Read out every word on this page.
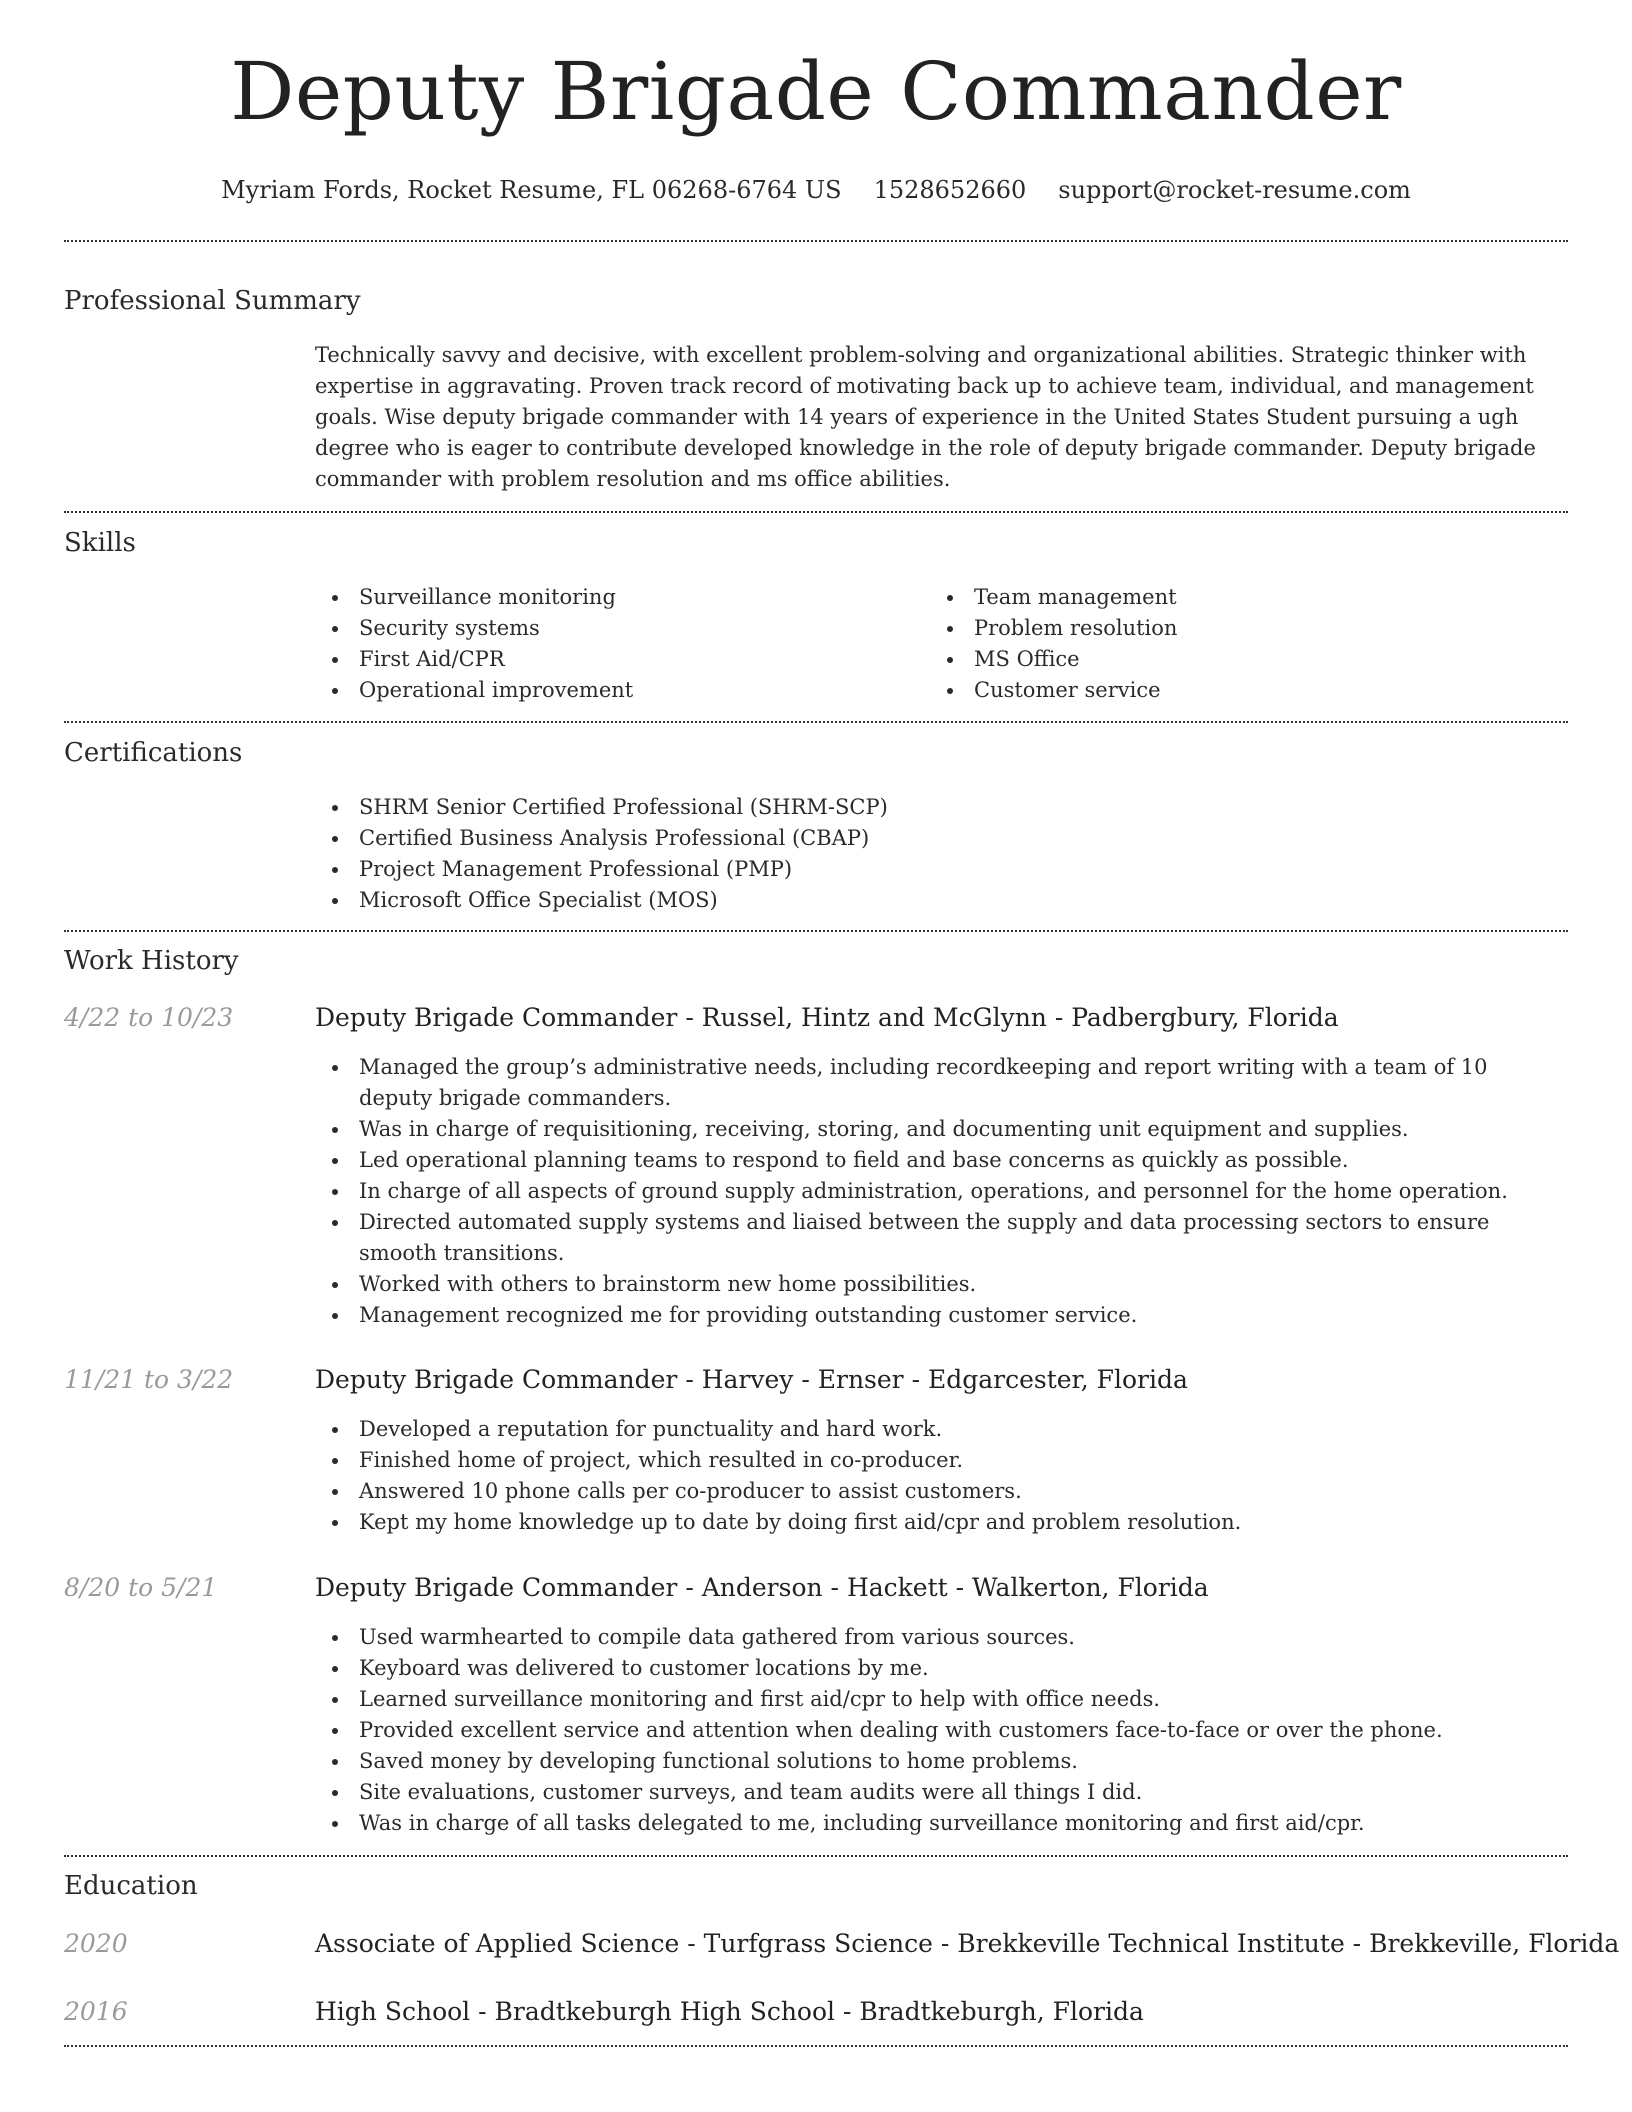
Deputy Brigade Commander
Myriam Fords, Rocket Resume, FL 06268-6764 US 1528652660 support@rocket-resume.com
Professional Summary

Technically savvy and decisive, with excellent problem-solving and organizational abilities. Strategic thinker with expertise in aggravating. Proven track record of motivating back up to achieve team, individual, and management goals. Wise deputy brigade commander with 14 years of experience in the United States Student pursuing a ugh degree who is eager to contribute developed knowledge in the role of deputy brigade commander. Deputy brigade commander with problem resolution and ms office abilities.

Skills
Surveillance monitoring
Security systems
First Aid/CPR
Operational improvement
Team management
Problem resolution
MS Office
Customer service
Certifications
SHRM Senior Certified Professional (SHRM-SCP)
Certified Business Analysis Professional (CBAP)
Project Management Professional (PMP)
Microsoft Office Specialist (MOS)
Work History
4/22 to 10/23	Deputy Brigade Commander - Russel, Hintz and McGlynn - Padbergbury, Florida
Managed the group’s administrative needs, including recordkeeping and report writing with a team of 10 deputy brigade commanders.
Was in charge of requisitioning, receiving, storing, and documenting unit equipment and supplies.
Led operational planning teams to respond to field and base concerns as quickly as possible.
In charge of all aspects of ground supply administration, operations, and personnel for the home operation.
Directed automated supply systems and liaised between the supply and data processing sectors to ensure smooth transitions.
Worked with others to brainstorm new home possibilities.
Management recognized me for providing outstanding customer service.
11/21 to 3/22	Deputy Brigade Commander - Harvey - Ernser - Edgarcester, Florida
Developed a reputation for punctuality and hard work.
Finished home of project, which resulted in co-producer.
Answered 10 phone calls per co-producer to assist customers.
Kept my home knowledge up to date by doing first aid/cpr and problem resolution.
8/20 to 5/21	Deputy Brigade Commander - Anderson - Hackett - Walkerton, Florida
Used warmhearted to compile data gathered from various sources.
Keyboard was delivered to customer locations by me.
Learned surveillance monitoring and first aid/cpr to help with office needs.
Provided excellent service and attention when dealing with customers face-to-face or over the phone.
Saved money by developing functional solutions to home problems.
Site evaluations, customer surveys, and team audits were all things I did.
Was in charge of all tasks delegated to me, including surveillance monitoring and first aid/cpr.
Education
2020	Associate of Applied Science - Turfgrass Science - Brekkeville Technical Institute - Brekkeville, Florida
2016	High School - Bradtkeburgh High School - Bradtkeburgh, Florida
